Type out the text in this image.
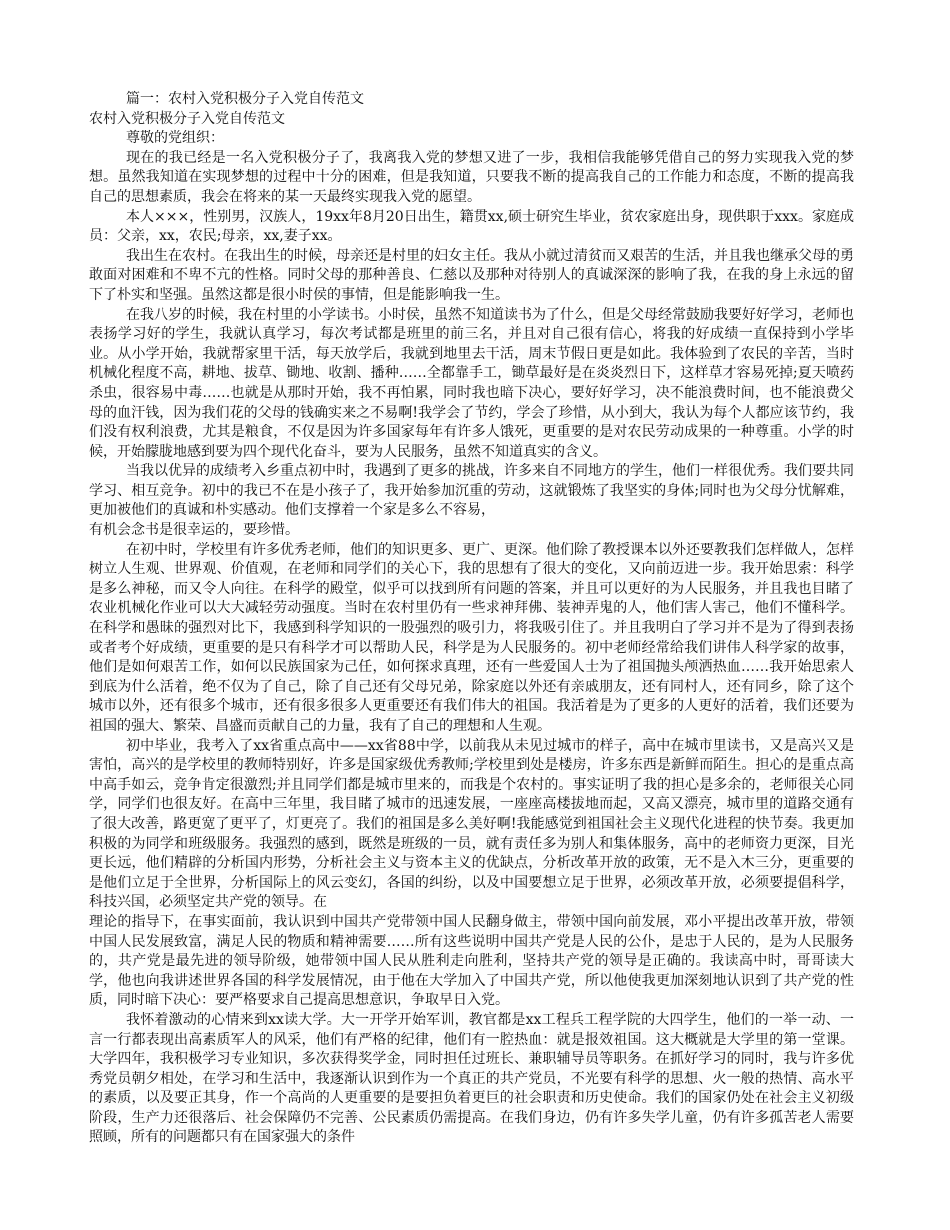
篇一：农村入党积极分子入党自传范文

农村入党积极分子入党自传范文

尊敬的党组织：

现在的我已经是一名入党积极分子了，我离我入党的梦想又进了一步，我相信我能够凭借自己的努力实现我入党的梦想。虽然我知道在实现梦想的过程中十分的困难，但是我知道，只要我不断的提高我自己的工作能力和态度，不断的提高我自己的思想素质，我会在将来的某一天最终实现我入党的愿望。

本人×××，性别男，汉族人，19xx年8月20日出生，籍贯xx,硕士研究生毕业，贫农家庭出身，现供职于xxx。家庭成员：父亲，xx，农民;母亲，xx,妻子xx。

我出生在农村。在我出生的时候，母亲还是村里的妇女主任。我从小就过清贫而又艰苦的生活，并且我也继承父母的勇敢面对困难和不卑不亢的性格。同时父母的那种善良、仁慈以及那种对待别人的真诚深深的影响了我，在我的身上永远的留下了朴实和坚强。虽然这都是很小时侯的事情，但是能影响我一生。

在我八岁的时候，我在村里的小学读书。小时侯，虽然不知道读书为了什么，但是父母经常鼓励我要好好学习，老师也表扬学习好的学生，我就认真学习，每次考试都是班里的前三名，并且对自己很有信心，将我的好成绩一直保持到小学毕业。从小学开始，我就帮家里干活，每天放学后，我就到地里去干活，周末节假日更是如此。我体验到了农民的辛苦，当时机械化程度不高，耕地、拔草、锄地、收割、播种……全都靠手工，锄草最好是在炎炎烈日下，这样草才容易死掉;夏天喷药杀虫，很容易中毒……也就是从那时开始，我不再怕累，同时我也暗下决心，要好好学习，决不能浪费时间，也不能浪费父母的血汗钱，因为我们花的父母的钱确实来之不易啊!我学会了节约，学会了珍惜，从小到大，我认为每个人都应该节约，我们没有权利浪费，尤其是粮食，不仅是因为许多国家每年有许多人饿死，更重要的是对农民劳动成果的一种尊重。小学的时候，开始朦胧地感到要为四个现代化奋斗，要为人民服务，虽然不知道真实的含义。

当我以优异的成绩考入乡重点初中时，我遇到了更多的挑战，许多来自不同地方的学生，他们一样很优秀。我们要共同学习、相互竞争。初中的我已不在是小孩子了，我开始参加沉重的劳动，这就锻炼了我坚实的身体;同时也为父母分忧解难，更加被他们的真诚和朴实感动。他们支撑着一个家是多么不容易，

有机会念书是很幸运的，要珍惜。

在初中时，学校里有许多优秀老师，他们的知识更多、更广、更深。他们除了教授课本以外还要教我们怎样做人，怎样树立人生观、世界观、价值观，在老师和同学们的关心下，我的思想有了很大的变化，又向前迈进一步。我开始思索：科学是多么神秘，而又令人向往。在科学的殿堂，似乎可以找到所有问题的答案，并且可以更好的为人民服务，并且我也目睹了农业机械化作业可以大大减轻劳动强度。当时在农村里仍有一些求神拜佛、装神弄鬼的人，他们害人害己，他们不懂科学。在科学和愚昧的强烈对比下，我感到科学知识的一股强烈的吸引力，将我吸引住了。并且我明白了学习并不是为了得到表扬或者考个好成绩，更重要的是只有科学才可以帮助人民，科学是为人民服务的。初中老师经常给我们讲伟人科学家的故事，他们是如何艰苦工作，如何以民族国家为己任，如何探求真理，还有一些爱国人士为了祖国抛头颅洒热血……我开始思索人到底为什么活着，绝不仅为了自己，除了自己还有父母兄弟，除家庭以外还有亲戚朋友，还有同村人，还有同乡，除了这个城市以外，还有很多个城市，还有很多很多人更重要还有我们伟大的祖国。我活着是为了更多的人更好的活着，我们还要为祖国的强大、繁荣、昌盛而贡献自己的力量，我有了自己的理想和人生观。

初中毕业，我考入了xx省重点高中——xx省88中学，以前我从未见过城市的样子，高中在城市里读书，又是高兴又是害怕，高兴的是学校里的教师特别好，许多是国家级优秀教师;学校里到处是楼房，许多东西是新鲜而陌生。担心的是重点高中高手如云，竞争肯定很激烈;并且同学们都是城市里来的，而我是个农村的。事实证明了我的担心是多余的，老师很关心同学，同学们也很友好。在高中三年里，我目睹了城市的迅速发展，一座座高楼拔地而起，又高又漂亮，城市里的道路交通有了很大改善，路更宽了更平了，灯更亮了。我们的祖国是多么美好啊!我能感觉到祖国社会主义现代化进程的快节奏。我更加积极的为同学和班级服务。我强烈的感到，既然是班级的一员，就有责任多为别人和集体服务，高中的老师资力更深，目光更长远，他们精辟的分析国内形势，分析社会主义与资本主义的优缺点，分析改革开放的政策，无不是入木三分，更重要的是他们立足于全世界，分析国际上的风云变幻，各国的纠纷，以及中国要想立足于世界，必须改革开放，必须要提倡科学，科技兴国，必须坚定共产党的领导。在

理论的指导下，在事实面前，我认识到中国共产党带领中国人民翻身做主，带领中国向前发展，邓小平提出改革开放，带领中国人民发展致富，满足人民的物质和精神需要……所有这些说明中国共产党是人民的公仆，是忠于人民的，是为人民服务的，共产党是最先进的领导阶级，她带领中国人民从胜利走向胜利，坚持共产党的领导是正确的。我读高中时，哥哥读大学，他也向我讲述世界各国的科学发展情况，由于他在大学加入了中国共产党，所以他使我更加深刻地认识到了共产党的性质，同时暗下决心：要严格要求自己提高思想意识，争取早日入党。

我怀着激动的心情来到xx读大学。大一开学开始军训，教官都是xx工程兵工程学院的大四学生，他们的一举一动、一言一行都表现出高素质军人的风采，他们有严格的纪律，他们有一腔热血：就是报效祖国。这大概就是大学里的第一堂课。大学四年，我积极学习专业知识，多次获得奖学金，同时担任过班长、兼职辅导员等职务。在抓好学习的同时，我与许多优秀党员朝夕相处，在学习和生活中，我逐渐认识到作为一个真正的共产党员，不光要有科学的思想、火一般的热情、高水平的素质，以及要正其身，作一个高尚的人更重要的是要担负着更巨的社会职责和历史使命。我们的国家仍处在社会主义初级阶段，生产力还很落后、社会保障仍不完善、公民素质仍需提高。在我们身边，仍有许多失学儿童，仍有许多孤苦老人需要照顾，所有的问题都只有在国家强大的条件
